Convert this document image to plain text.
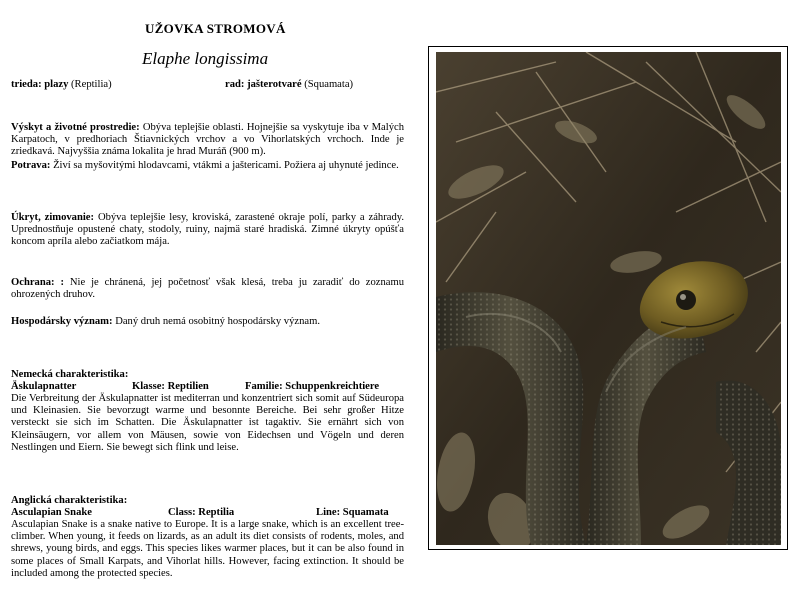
UŽOVKA STROMOVÁ
Elaphe longissima
trieda: plazy (Reptilia)	rad: jašterotvaré (Squamata)
Výskyt a životné prostredie: Obýva teplejšie oblasti. Hojnejšie sa vyskytuje iba v Malých Karpatoch, v predhoriach Štiavnických vrchov a vo Vihorlatských vrchoch. Inde je zriedkavá. Najvyššia známa lokalita je hrad Muráň (900 m).
Potrava: Živí sa myšovitými hlodavcami, vtákmi a jaštericami. Požiera aj uhynuté jedince.
Úkryt, zimovanie: Obýva teplejšie lesy, kroviská, zarastené okraje polí, parky a záhrady. Uprednostňuje opustené chaty, stodoly, ruiny, najmä staré hradiská. Zimné úkryty opúšťa koncom apríla alebo začiatkom mája.
Ochrana: : Nie je chránená, jej početnosť však klesá, treba ju zaradiť do zoznamu ohrozených druhov.
Hospodársky význam: Daný druh nemá osobitný hospodársky význam.
Nemecká charakteristika:
Äskulapnatter	Klasse: Reptilien	Familie: Schuppenkreichtiere
Die Verbreitung der Äskulapnatter ist mediterran und konzentriert sich somit auf Südeuropa und Kleinasien. Sie bevorzugt warme und besonnte Bereiche. Bei sehr großer Hitze versteckt sie sich im Schatten. Die Äskulapnatter ist tagaktiv. Sie ernährt sich von Kleinsäugern, vor allem von Mäusen, sowie von Eidechsen und Vögeln und deren Nestlingen und Eiern. Sie bewegt sich flink und leise.
Anglická charakteristika:
Asculapian Snake	Class: Reptilia	Line: Squamata
Asculapian Snake is a snake native to Europe. It is a large snake, which is an excellent tree-climber. When young, it feeds on lizards, as an adult its diet consists of rodents, moles, and shrews, young birds, and eggs. This species likes warmer places, but it can be also found in some places of Small Karpats, and Vihorlat hills. However, facing extinction. It should be included among the protected species.
